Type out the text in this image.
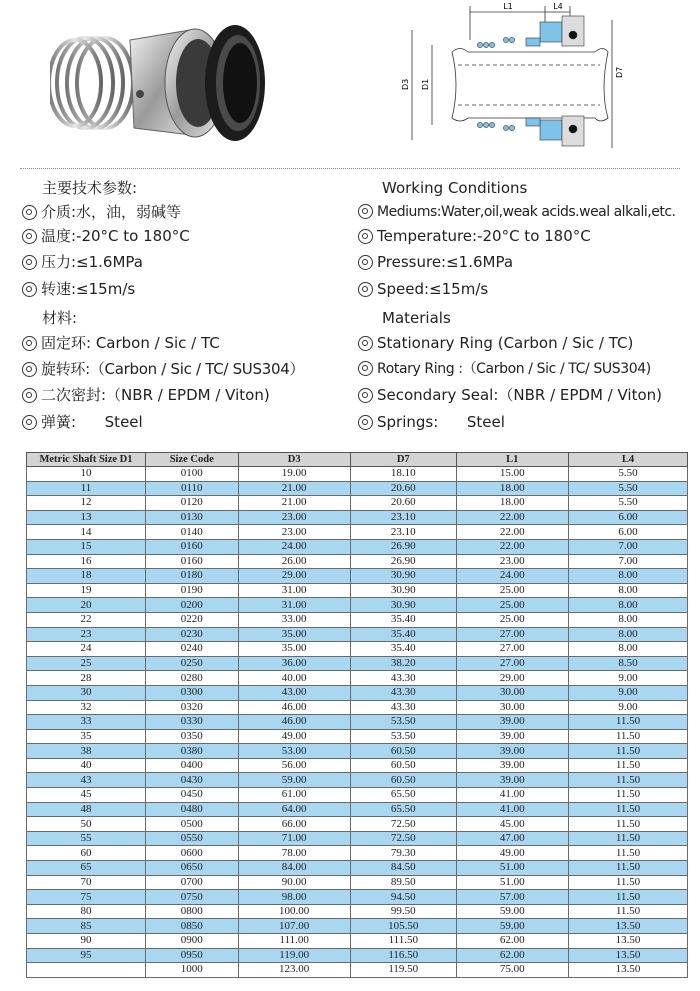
L1	L4
D3 D1
D7
主要技术参数:
介质:水，油，弱碱等
温度:-20°C to 180°C
压力:≤1.6MPa
转速:≤15m/s
材料:
固定环: Carbon / Sic / TC
旋转环:（Carbon / Sic / TC/ SUS304）
二次密封:（NBR / EPDM / Viton)
弹簧:      Steel
Working Conditions
Mediums:Water,oil,weak acids.weal alkali,etc.
Temperature:-20°C to 180°C
Pressure:≤1.6MPa
Speed:≤15m/s
Materials
Stationary Ring (Carbon / Sic / TC)
Rotary Ring :（Carbon / Sic / TC/ SUS304)
Secondary Seal:（NBR / EPDM / Viton)
Springs:      Steel
Metric Shaft Size D1	Size Code	D3	D7	L1	L4
10	0100	19.00	18.10	15.00	5.50
11	0110	21.00	20.60	18.00	5.50
12	0120	21.00	20.60	18.00	5.50
13	0130	23.00	23.10	22.00	6.00
14	0140	23.00	23.10	22.00	6.00
15	0160	24.00	26.90	22.00	7.00
16	0160	26.00	26.90	23.00	7.00
18	0180	29.00	30.90	24.00	8.00
19	0190	31.00	30.90	25.00	8.00
20	0200	31.00	30.90	25.00	8.00
22	0220	33.00	35.40	25.00	8.00
23	0230	35.00	35.40	27.00	8.00
24	0240	35.00	35.40	27.00	8.00
25	0250	36.00	38.20	27.00	8.50
28	0280	40.00	43.30	29.00	9.00
30	0300	43.00	43.30	30.00	9.00
32	0320	46.00	43.30	30.00	9.00
33	0330	46.00	53.50	39.00	11.50
35	0350	49.00	53.50	39.00	11.50
38	0380	53.00	60.50	39.00	11.50
40	0400	56.00	60.50	39.00	11.50
43	0430	59.00	60.50	39.00	11.50
45	0450	61.00	65.50	41.00	11.50
48	0480	64.00	65.50	41.00	11.50
50	0500	66.00	72.50	45.00	11.50
55	0550	71.00	72.50	47.00	11.50
60	0600	78.00	79.30	49.00	11.50
65	0650	84.00	84.50	51.00	11.50
70	0700	90.00	89.50	51.00	11.50
75	0750	98.00	94.50	57.00	11.50
80	0800	100.00	99.50	59.00	11.50
85	0850	107.00	105.50	59.00	13.50
90	0900	111.00	111.50	62.00	13.50
95	0950	119.00	116.50	62.00	13.50
	1000	123.00	119.50	75.00	13.50
